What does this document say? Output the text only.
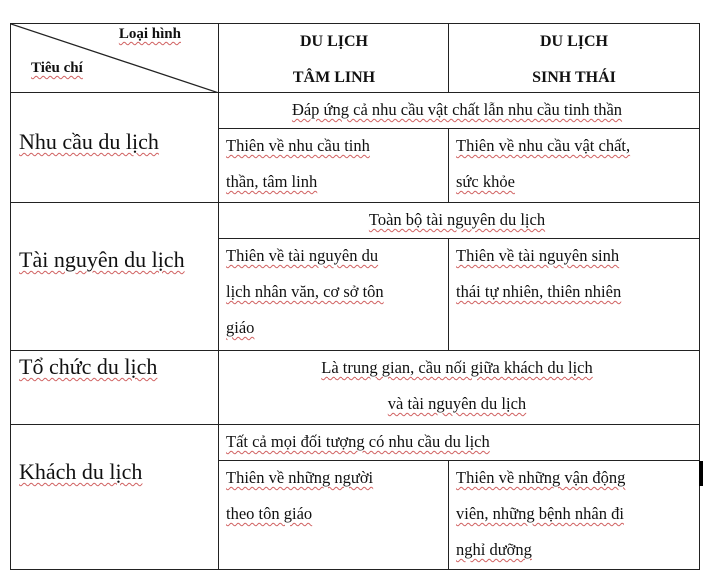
Loại hình
Tiêu chí
DU LỊCH
TÂM LINH
DU LỊCH
SINH THÁI
Nhu cầu du lịch
Đáp ứng cả nhu cầu vật chất lẫn nhu cầu tinh thần
Thiên về nhu cầu tinh
thần, tâm linh
Thiên về nhu cầu vật chất,
sức khỏe
Tài nguyên du lịch
Toàn bộ tài nguyên du lịch
Thiên về tài nguyên du
lịch nhân văn, cơ sở tôn
giáo
Thiên về tài nguyên sinh
thái tự nhiên, thiên nhiên
Tổ chức du lịch	Là trung gian, cầu nối giữa khách du lịch
và tài nguyên du lịch
Khách du lịch
Tất cả mọi đối tượng có nhu cầu du lịch
Thiên về những người
theo tôn giáo
Thiên về những vận động
viên, những bệnh nhân đi
nghỉ dưỡng
